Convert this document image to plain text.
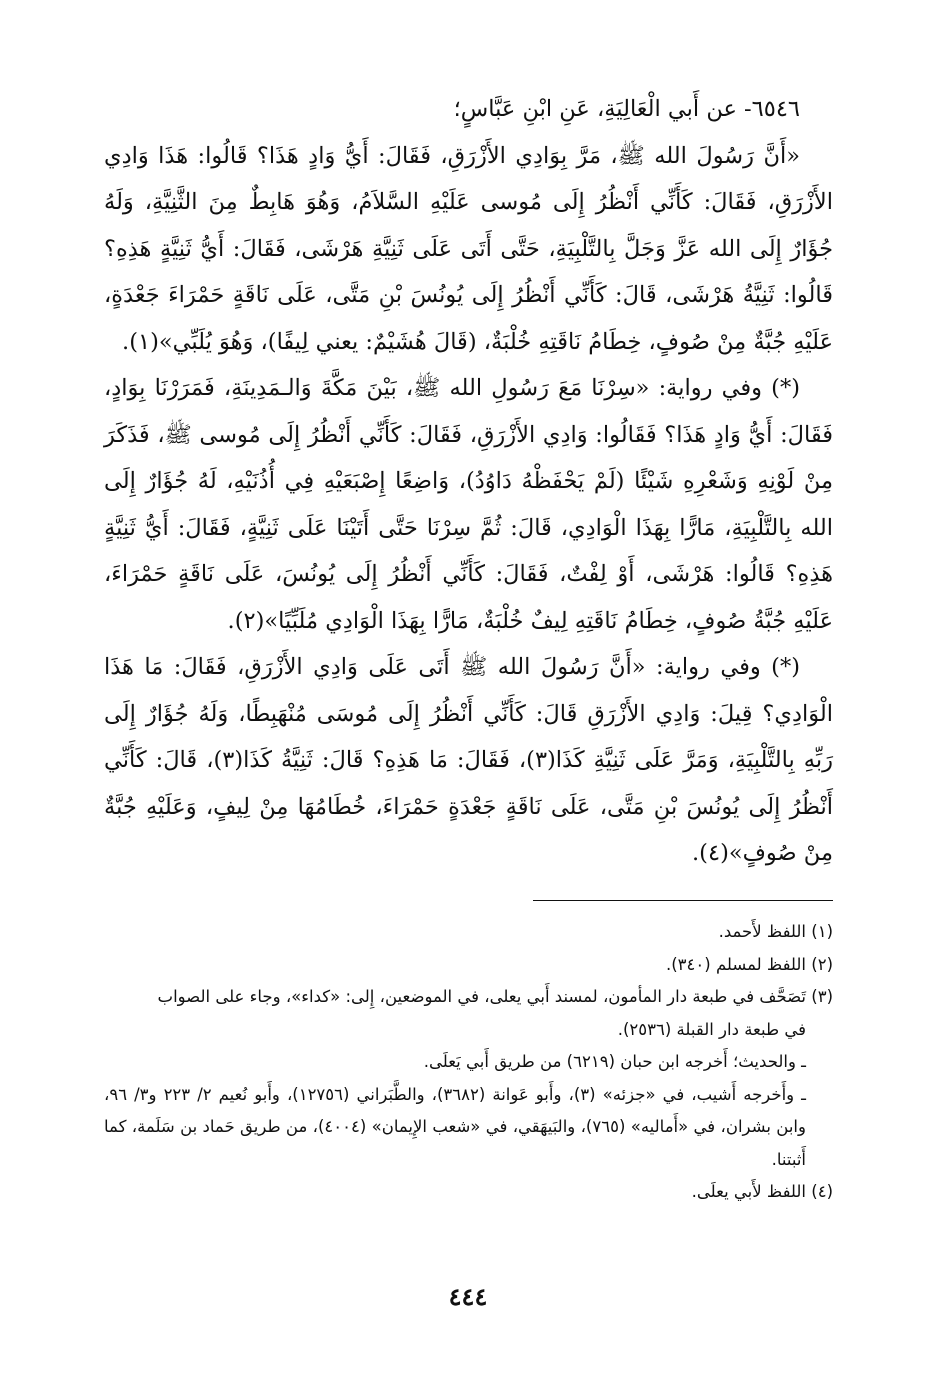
٦٥٤٦- عن أَبي الْعَالِيَةِ، عَنِ ابْنِ عَبَّاسٍ؛

«أَنَّ رَسُولَ الله ﷺ، مَرَّ بِوَادِي الأَزْرَقِ، فَقَالَ: أَيُّ وَادٍ هَذَا؟ قَالُوا: هَذَا وَادِي الأَزْرَقِ، فَقَالَ: كَأَنِّي أَنْظُرُ إِلَى مُوسى عَلَيْهِ السَّلاَمُ، وَهُوَ هَابِطٌ مِنَ الثَّنِيَّةِ، وَلَهُ جُؤَارٌ إِلَى الله عَزَّ وَجَلَّ بِالتَّلْبِيَةِ، حَتَّى أَتَى عَلَى ثَنِيَّةِ هَرْشَى، فَقَالَ: أَيُّ ثَنِيَّةٍ هَذِهِ؟ قَالُوا: ثَنِيَّةُ هَرْشَى، قَالَ: كَأَنِّي أَنْظُرُ إِلَى يُونُسَ بْنِ مَتَّى، عَلَى نَاقَةٍ حَمْرَاءَ جَعْدَةٍ، عَلَيْهِ جُبَّةٌ مِنْ صُوفٍ، خِطَامُ نَاقَتِهِ خُلْبَةٌ، (قَالَ هُشَيْمٌ: يعني لِيفًا)، وَهُوَ يُلَبِّي»(١).

(*) وفي رواية: «سِرْنَا مَعَ رَسُولِ الله ﷺ، بَيْنَ مَكَّةَ وَالـمَدِينَةِ، فَمَرَرْنَا بِوَادٍ، فَقَالَ: أَيُّ وَادٍ هَذَا؟ فَقَالُوا: وَادِي الأَزْرَقِ، فَقَالَ: كَأَنِّي أَنْظُرُ إِلَى مُوسى ﷺ، فَذَكَرَ مِنْ لَوْنِهِ وَشَعْرِهِ شَيْئًا (لَمْ يَحْفَظْهُ دَاوُدُ)، وَاضِعًا إِصْبَعَيْهِ فِي أُذُنَيْهِ، لَهُ جُؤَارٌ إِلَى الله بِالتَّلْبِيَةِ، مَارًّا بِهَذَا الْوَادِي، قَالَ: ثُمَّ سِرْنَا حَتَّى أَتَيْنَا عَلَى ثَنِيَّةٍ، فَقَالَ: أَيُّ ثَنِيَّةٍ هَذِهِ؟ قَالُوا: هَرْشَى، أَوْ لِفْتٌ، فَقَالَ: كَأَنِّي أَنْظُرُ إِلَى يُونُسَ، عَلَى نَاقَةٍ حَمْرَاءَ، عَلَيْهِ جُبَّةُ صُوفٍ، خِطَامُ نَاقَتِهِ لِيفٌ خُلْبَةٌ، مَارًّا بِهَذَا الْوَادِي مُلَبِّيًا»(٢).

(*) وفي رواية: «أَنَّ رَسُولَ الله ﷺ أَتَى عَلَى وَادِي الأَزْرَقِ، فَقَالَ: مَا هَذَا الْوَادِي؟ قِيلَ: وَادِي الأَزْرَقِ قَالَ: كَأَنِّي أَنْظُرُ إِلَى مُوسَى مُنْهَبِطًا، وَلَهُ جُؤَارٌ إِلَى رَبِّهِ بِالتَّلْبِيَةِ، وَمَرَّ عَلَى ثَنِيَّةِ كَذَا(٣)، فَقَالَ: مَا هَذِهِ؟ قَالَ: ثَنِيَّةُ كَذَا(٣)، قَالَ: كَأَنِّي أَنْظُرُ إِلَى يُونُسَ بْنِ مَتَّى، عَلَى نَاقَةٍ جَعْدَةٍ حَمْرَاءَ، خُطَامُهَا مِنْ لِيفٍ، وَعَلَيْهِ جُبَّةٌ مِنْ صُوفٍ»(٤).

(١) اللفظ لأَحمد.

(٢) اللفظ لمسلم (٣٤٠).

(٣) تَصَحَّف في طبعة دار المأمون، لمسند أَبي يعلى، في الموضعين، إِلى: «كداء»، وجاء على الصواب

في طبعة دار القبلة (٢٥٣٦).

ـ والحديث؛ أَخرجه ابن حبان (٦٢١٩) من طريق أَبي يَعلَى.

ـ وأَخرجه أَشيب، في «جزئه» (٣)، وأَبو عَوانة (٣٦٨٢)، والطَّبَراني (١٢٧٥٦)، وأَبو نُعيم ٢/ ٢٢٣ و٣/ ٩٦، وابن بشران، في «أَماليه» (٧٦٥)، والبَيهَقي، في «شعب الإِيمان» (٤٠٠٤)، من طريق حَماد بن سَلَمة، كما أَثبتنا.

(٤) اللفظ لأَبي يعلَى.

٤٤٤
